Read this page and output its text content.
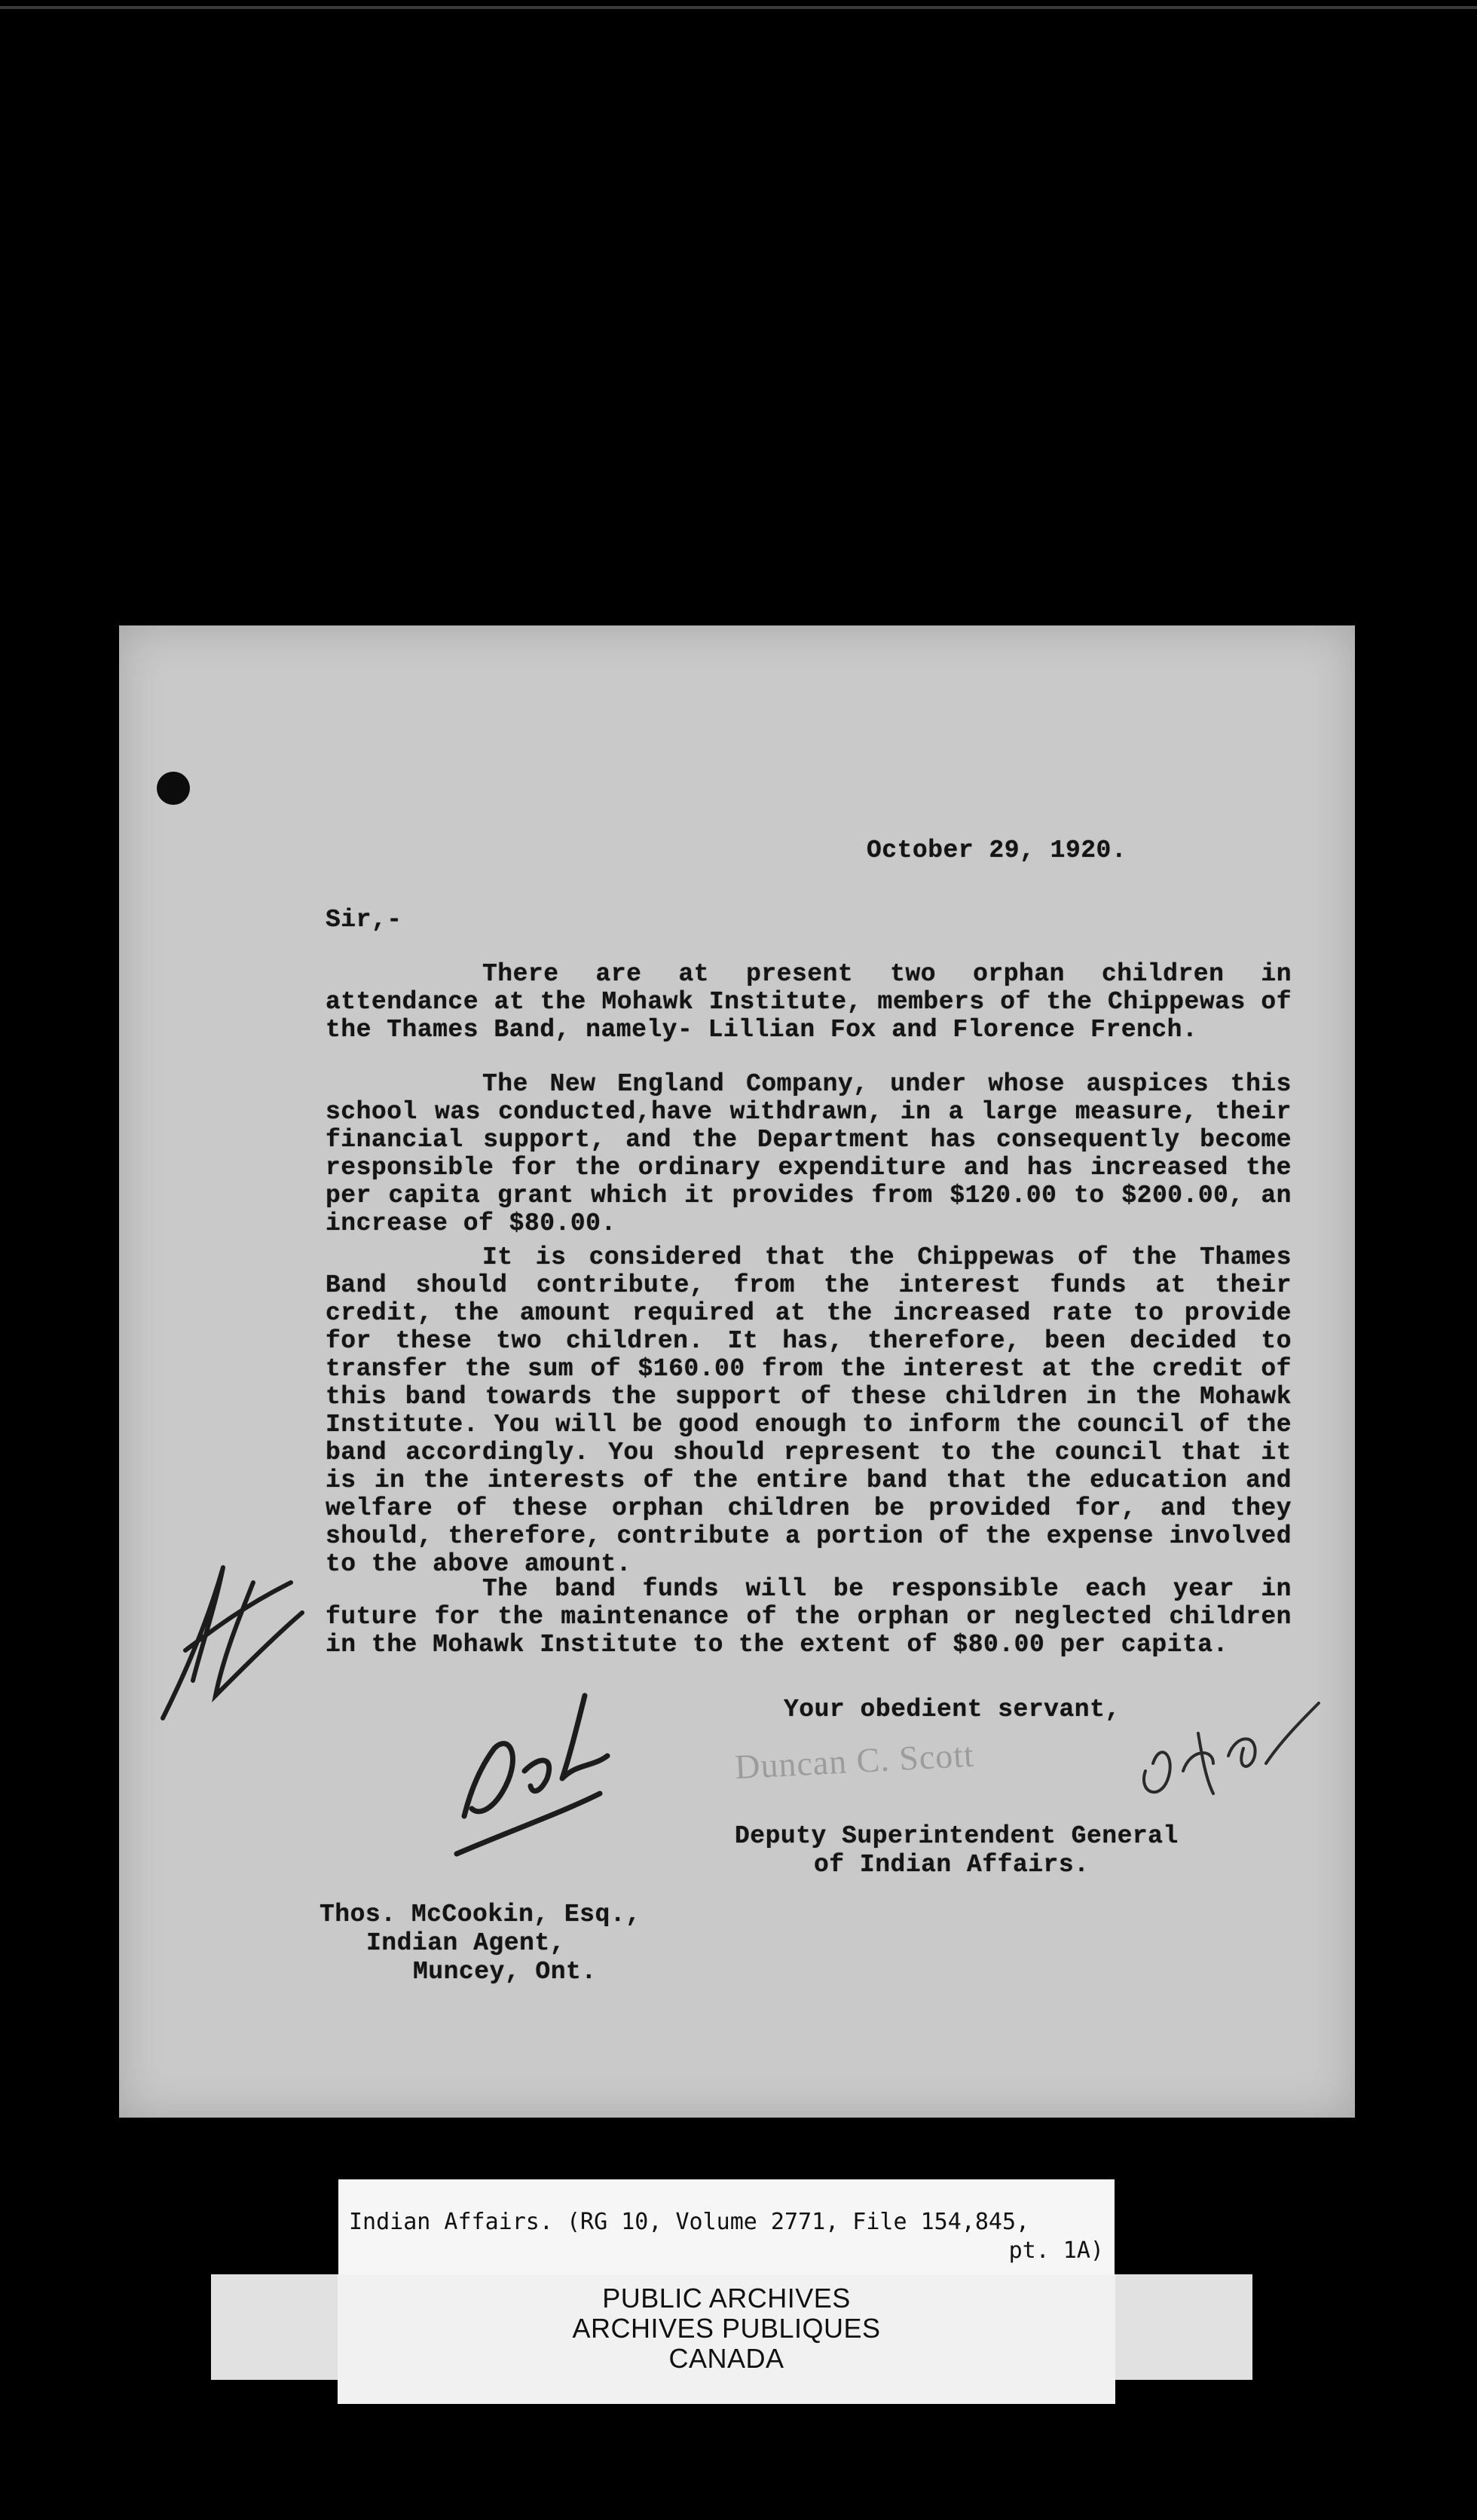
October 29, 1920.
Sir,-

There are at present two orphan children in attendance at the Mohawk Institute, members of the Chippewas of the Thames Band, namely- Lillian Fox and Florence French.

The New England Company, under whose auspices this school was conducted,have withdrawn, in a large measure, their financial support, and the Department has consequently become responsible for the ordinary expenditure and has increased the per capita grant which it provides from $120.00 to $200.00, an increase of $80.00.

It is considered that the Chippewas of the Thames Band should contribute, from the interest funds at their credit, the amount required at the increased rate to provide for these two children. It has, therefore, been decided to transfer the sum of $160.00 from the interest at the credit of this band towards the support of these children in the Mohawk Institute. You will be good enough to inform the council of the band accordingly. You should represent to the council that it is in the interests of the entire band that the education and welfare of these orphan children be provided for, and they should, therefore, contribute a portion of the expense involved to the above amount.

The band funds will be responsible each year in future for the maintenance of the orphan or neglected children in the Mohawk Institute to the extent of $80.00 per capita.

Your obedient servant,
Duncan C. Scott
Deputy Superintendent General
of Indian Affairs.
Thos. McCookin, Esq.,
Indian Agent,
Muncey, Ont.
Indian Affairs. (RG 10, Volume 2771, File 154,845,
pt. 1A)
PUBLIC ARCHIVES
ARCHIVES PUBLIQUES
CANADA
